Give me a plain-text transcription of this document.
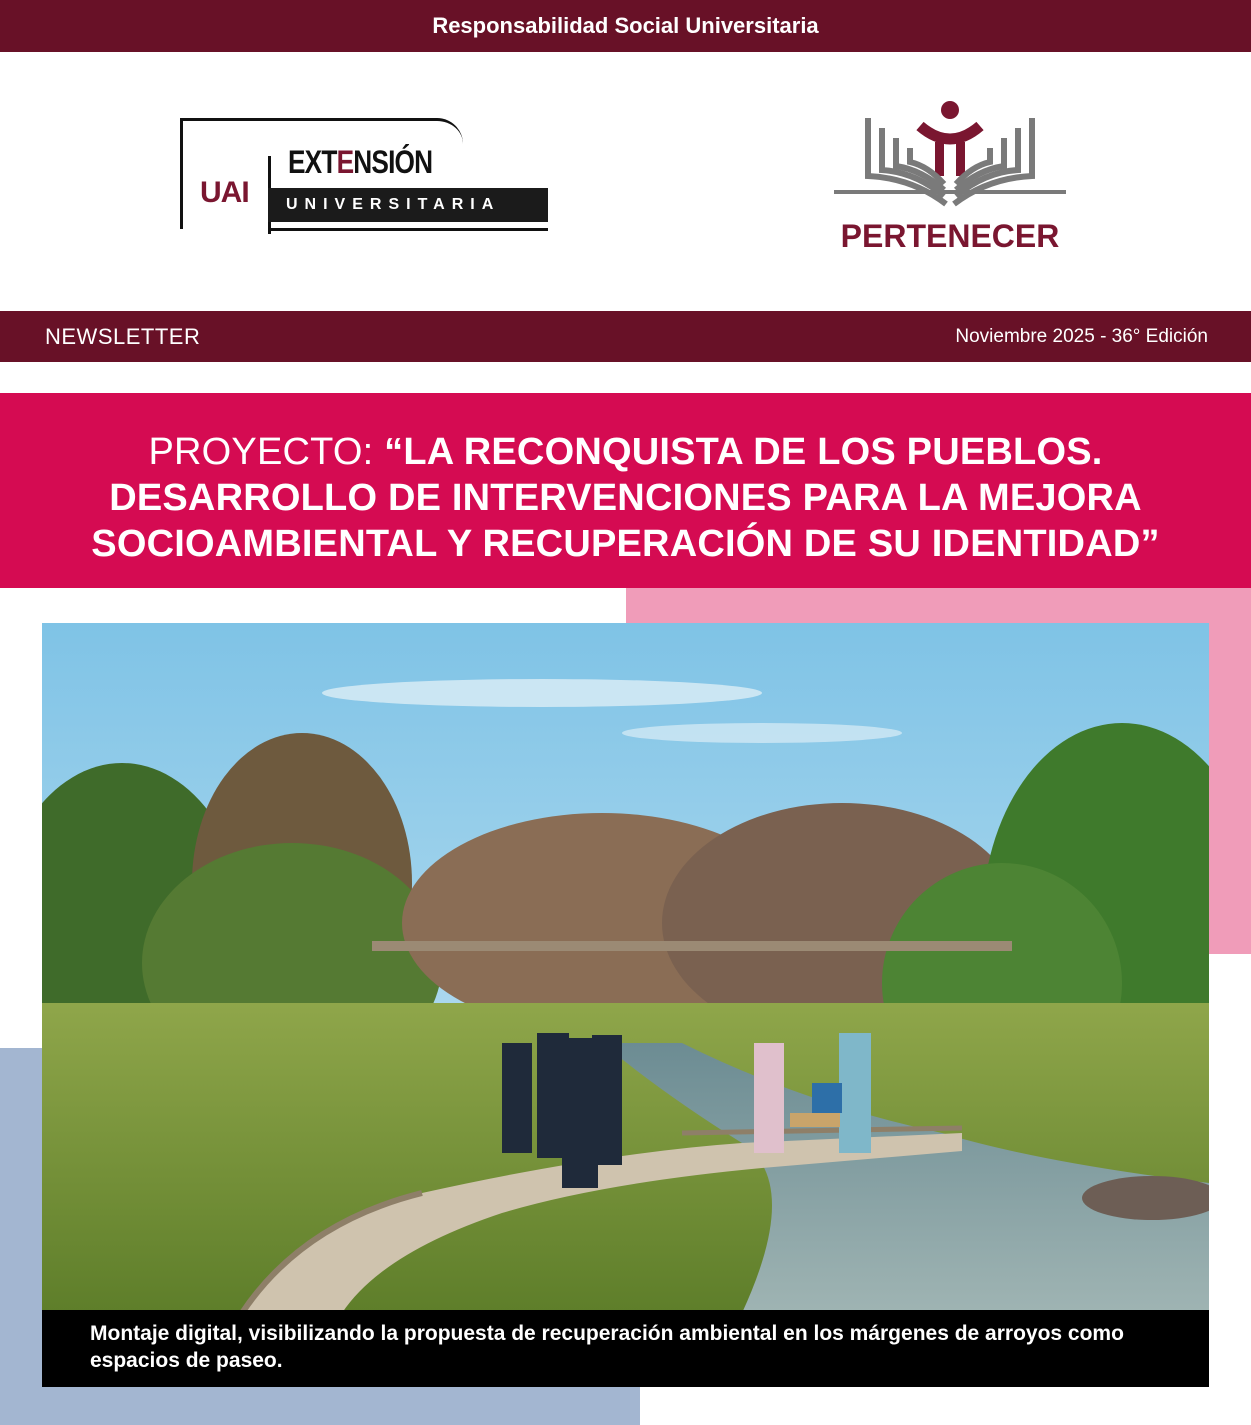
Responsabilidad Social Universitaria
UAI
EXTENSIÓN
UNIVERSITARIA
PERTENECER
NEWSLETTER	Noviembre 2025 - 36° Edición
PROYECTO: “LA RECONQUISTA DE LOS PUEBLOS.
DESARROLLO DE INTERVENCIONES PARA LA MEJORA
SOCIOAMBIENTAL Y RECUPERACIÓN DE SU IDENTIDAD”
Montaje digital, visibilizando la propuesta de recuperación ambiental en los márgenes de arroyos como espacios de paseo.
